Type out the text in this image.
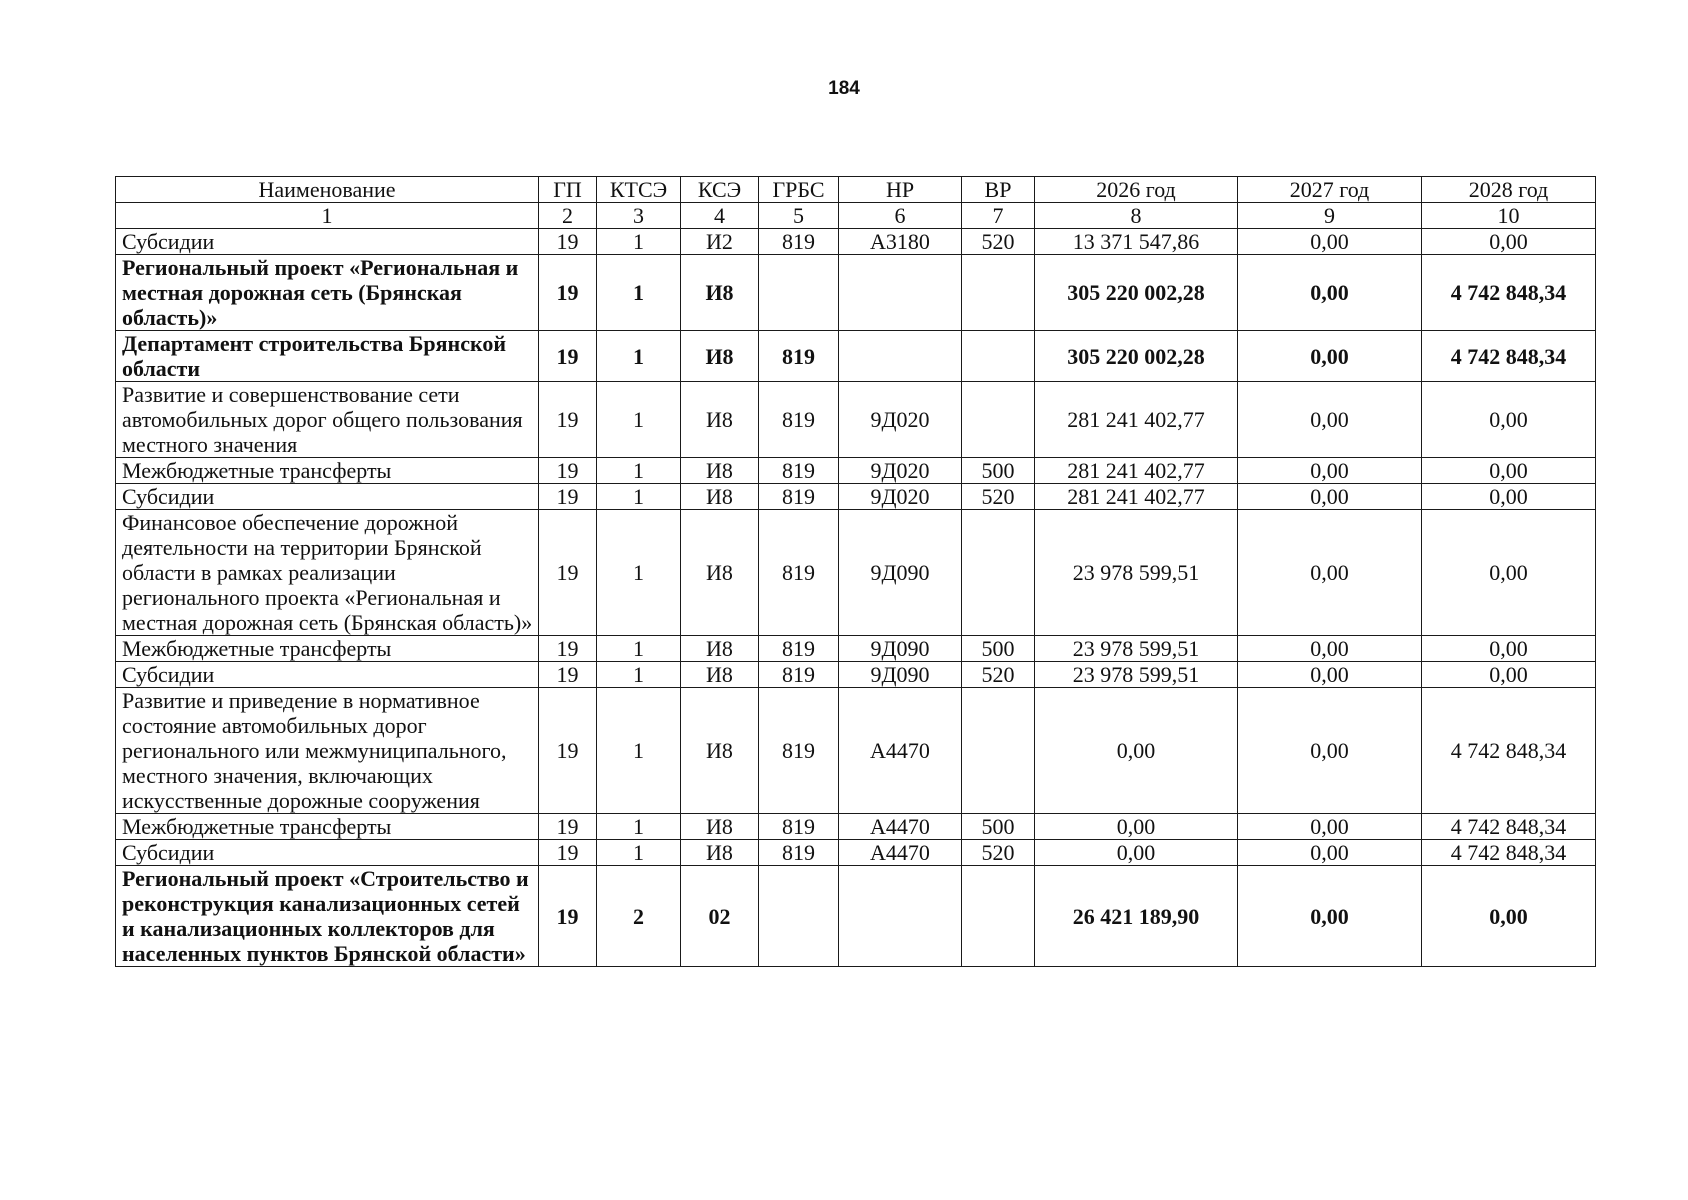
184
Наименование	ГП	КТСЭ	КСЭ	ГРБС	НР	ВР	2026 год	2027 год	2028 год
1	2	3	4	5	6	7	8	9	10
Субсидии	19	1	И2	819	А3180	520	13 371 547,86	0,00	0,00
Региональный проект «Региональная и местная дорожная сеть (Брянская область)»	19	1	И8				305 220 002,28	0,00	4 742 848,34
Департамент строительства Брянской области	19	1	И8	819			305 220 002,28	0,00	4 742 848,34
Развитие и совершенствование сети автомобильных дорог общего пользования местного значения	19	1	И8	819	9Д020		281 241 402,77	0,00	0,00
Межбюджетные трансферты	19	1	И8	819	9Д020	500	281 241 402,77	0,00	0,00
Субсидии	19	1	И8	819	9Д020	520	281 241 402,77	0,00	0,00
Финансовое обеспечение дорожной деятельности на территории Брянской области в рамках реализации регионального проекта «Региональная и местная дорожная сеть (Брянская область)»	19	1	И8	819	9Д090		23 978 599,51	0,00	0,00
Межбюджетные трансферты	19	1	И8	819	9Д090	500	23 978 599,51	0,00	0,00
Субсидии	19	1	И8	819	9Д090	520	23 978 599,51	0,00	0,00
Развитие и приведение в нормативное состояние автомобильных дорог регионального или межмуниципального, местного значения, включающих искусственные дорожные сооружения	19	1	И8	819	А4470		0,00	0,00	4 742 848,34
Межбюджетные трансферты	19	1	И8	819	А4470	500	0,00	0,00	4 742 848,34
Субсидии	19	1	И8	819	А4470	520	0,00	0,00	4 742 848,34
Региональный проект «Строительство и реконструкция канализационных сетей и канализационных коллекторов для населенных пунктов Брянской области»	19	2	02				26 421 189,90	0,00	0,00
